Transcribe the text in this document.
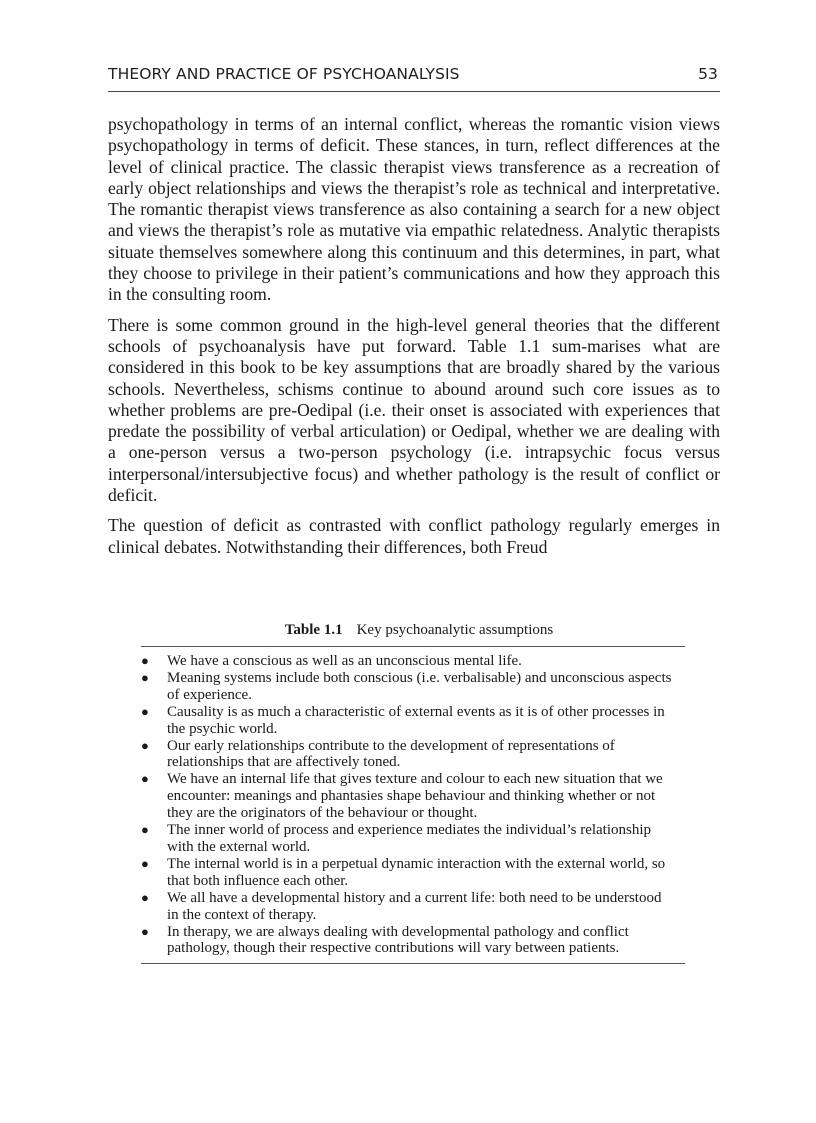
THEORY AND PRACTICE OF PSYCHOANALYSIS	53

psychopathology in terms of an internal conflict, whereas the romantic vision views psychopathology in terms of deficit. These stances, in turn, reflect differences at the level of clinical practice. The classic therapist views transference as a recreation of early object relationships and views the therapist’s role as technical and interpretative. The romantic therapist views transference as also containing a search for a new object and views the therapist’s role as mutative via empathic relatedness. Analytic therapists situate themselves somewhere along this continuum and this determines, in part, what they choose to privilege in their patient’s communications and how they approach this in the consulting room.

There is some common ground in the high-level general theories that the different schools of psychoanalysis have put forward. Table 1.1 sum-marises what are considered in this book to be key assumptions that are broadly shared by the various schools. Nevertheless, schisms continue to abound around such core issues as to whether problems are pre-Oedipal (i.e. their onset is associated with experiences that predate the possibility of verbal articulation) or Oedipal, whether we are dealing with a one-person versus a two-person psychology (i.e. intrapsychic focus versus interpersonal/intersubjective focus) and whether pathology is the result of conflict or deficit.

The question of deficit as contrasted with conflict pathology regularly emerges in clinical debates. Notwithstanding their differences, both Freud

Table 1.1 Key psychoanalytic assumptions
● We have a conscious as well as an unconscious mental life.
● Meaning systems include both conscious (i.e. verbalisable) and unconscious aspects of experience.
● Causality is as much a characteristic of external events as it is of other processes in the psychic world.
● Our early relationships contribute to the development of representations of relationships that are affectively toned.
● We have an internal life that gives texture and colour to each new situation that we encounter: meanings and phantasies shape behaviour and thinking whether or not they are the originators of the behaviour or thought.
● The inner world of process and experience mediates the individual’s relationship with the external world.
● The internal world is in a perpetual dynamic interaction with the external world, so that both influence each other.
● We all have a developmental history and a current life: both need to be understood in the context of therapy.
● In therapy, we are always dealing with developmental pathology and conflict pathology, though their respective contributions will vary between patients.
